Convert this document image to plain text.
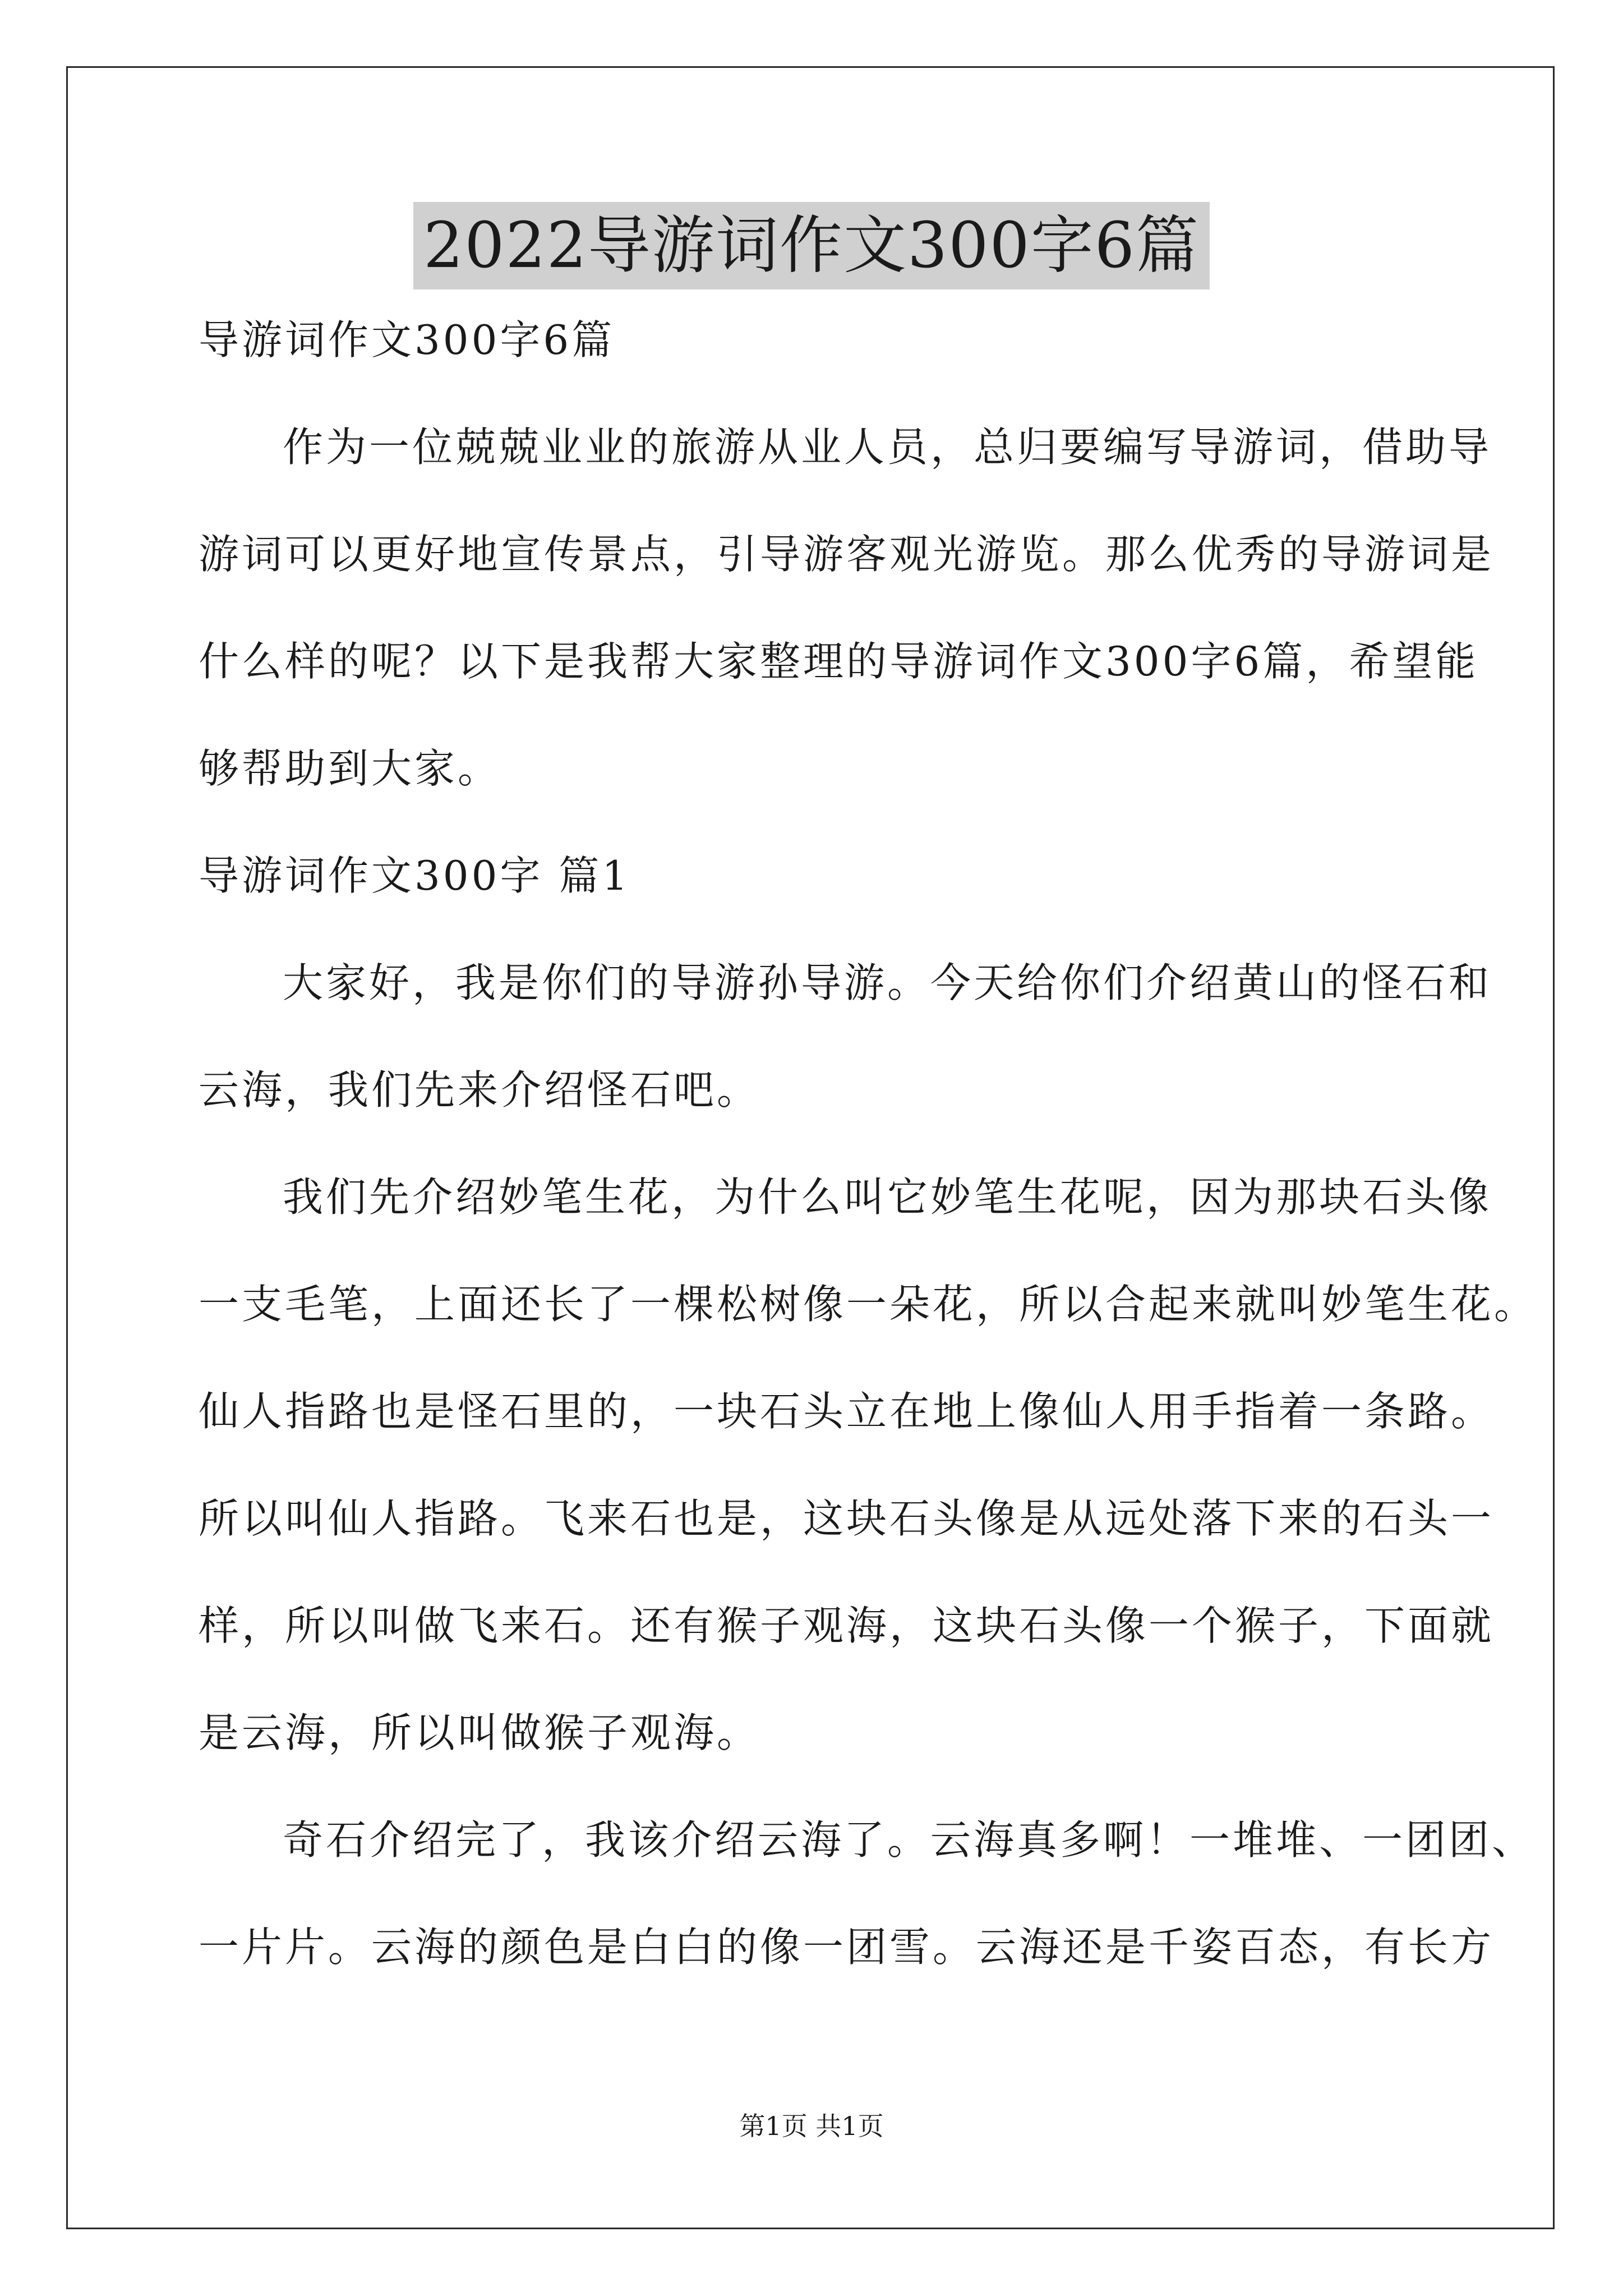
2022导游词作文300字6篇
导游词作文300字6篇
作为一位兢兢业业的旅游从业人员，总归要编写导游词，借助导
游词可以更好地宣传景点，引导游客观光游览。那么优秀的导游词是
什么样的呢？以下是我帮大家整理的导游词作文300字6篇，希望能
够帮助到大家。
导游词作文300字 篇1
大家好，我是你们的导游孙导游。今天给你们介绍黄山的怪石和
云海，我们先来介绍怪石吧。
我们先介绍妙笔生花，为什么叫它妙笔生花呢，因为那块石头像
一支毛笔，上面还长了一棵松树像一朵花，所以合起来就叫妙笔生花。
仙人指路也是怪石里的，一块石头立在地上像仙人用手指着一条路。
所以叫仙人指路。飞来石也是，这块石头像是从远处落下来的石头一
样，所以叫做飞来石。还有猴子观海，这块石头像一个猴子，下面就
是云海，所以叫做猴子观海。
奇石介绍完了，我该介绍云海了。云海真多啊！一堆堆、一团团、
一片片。云海的颜色是白白的像一团雪。云海还是千姿百态，有长方
第1页 共1页
